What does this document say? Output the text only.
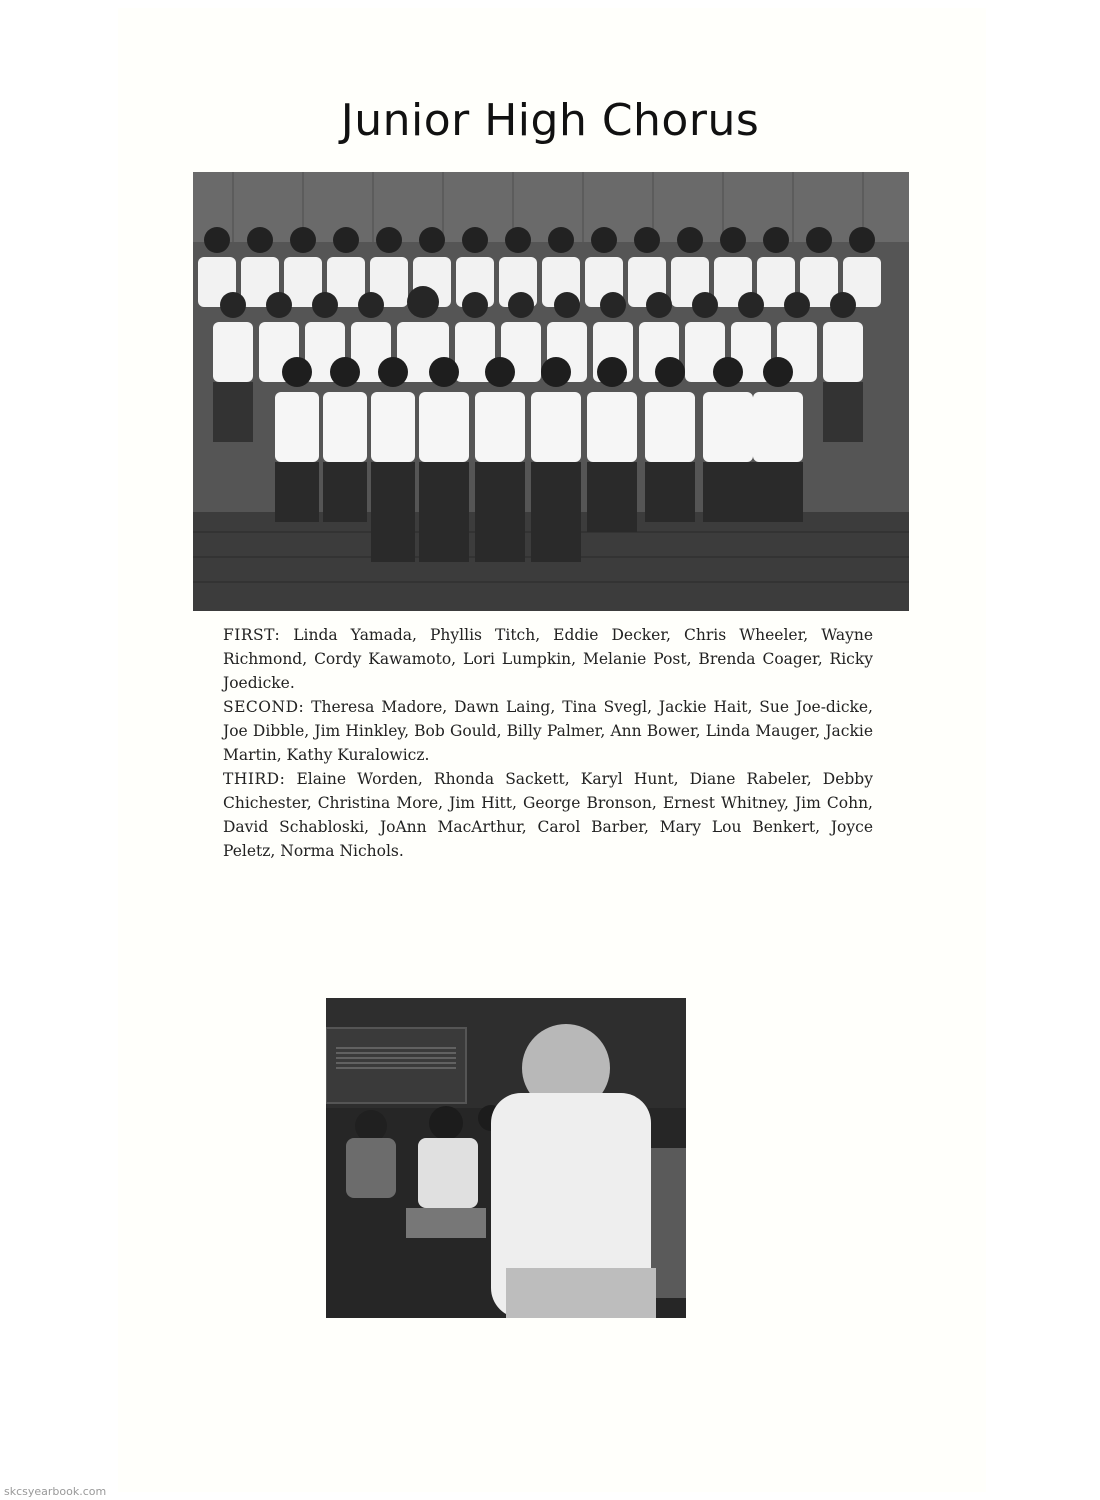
Junior High Chorus

FIRST: Linda Yamada, Phyllis Titch, Eddie Decker, Chris Wheeler, Wayne Richmond, Cordy Kawamoto, Lori Lumpkin, Melanie Post, Brenda Coager, Ricky Joedicke.

SECOND: Theresa Madore, Dawn Laing, Tina Svegl, Jackie Hait, Sue Joe-dicke, Joe Dibble, Jim Hinkley, Bob Gould, Billy Palmer, Ann Bower, Linda Mauger, Jackie Martin, Kathy Kuralowicz.

THIRD: Elaine Worden, Rhonda Sackett, Karyl Hunt, Diane Rabeler, Debby Chichester, Christina More, Jim Hitt, George Bronson, Ernest Whitney, Jim Cohn, David Schabloski, JoAnn MacArthur, Carol Barber, Mary Lou Benkert, Joyce Peletz, Norma Nichols.

skcsyearbook.com
